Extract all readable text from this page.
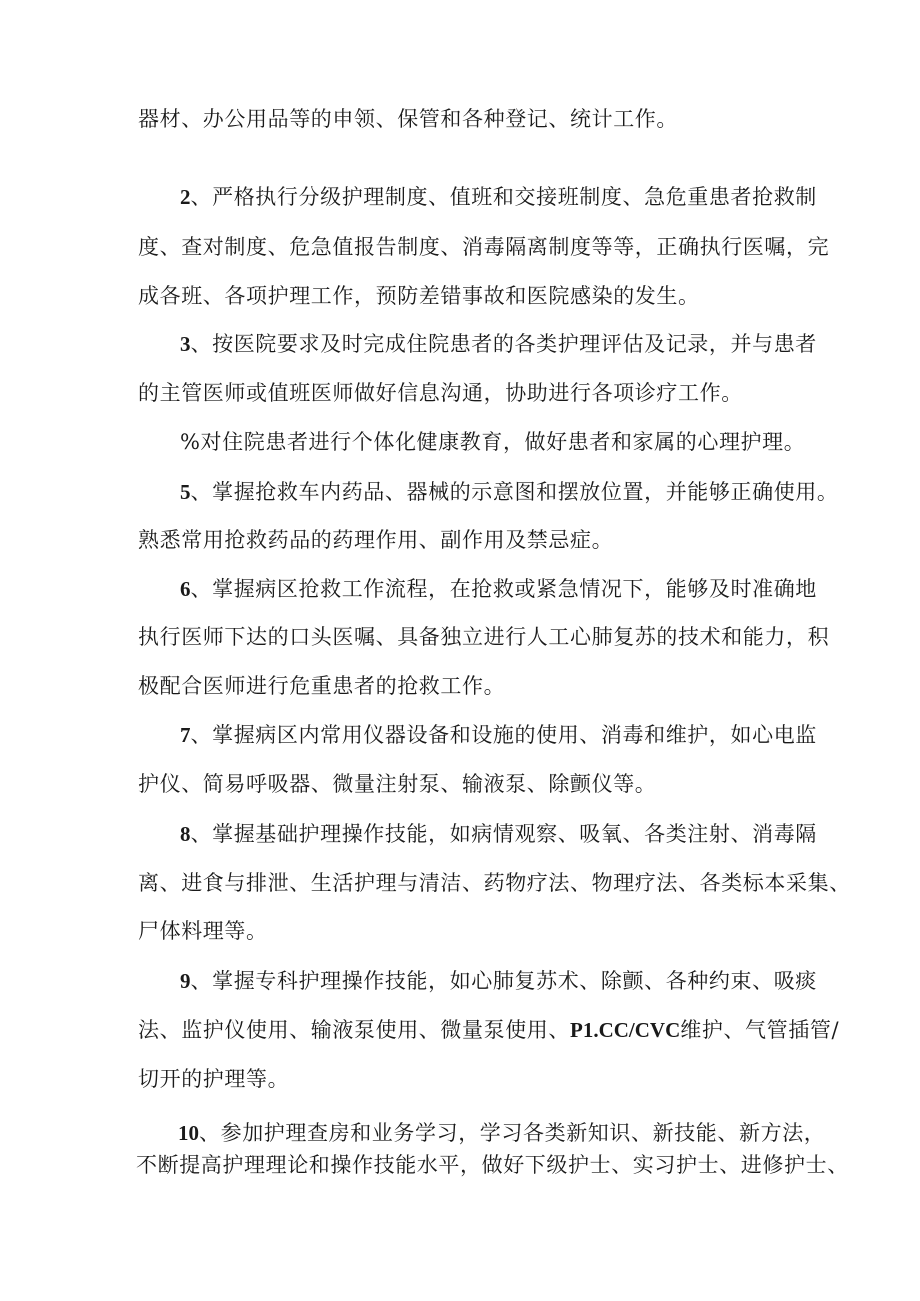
器材、办公用品等的申领、保管和各种登记、统计工作。
2、严格执行分级护理制度、值班和交接班制度、急危重患者抢救制
度、查对制度、危急值报告制度、消毒隔离制度等等，正确执行医嘱，完
成各班、各项护理工作，预防差错事故和医院感染的发生。
3、按医院要求及时完成住院患者的各类护理评估及记录，并与患者
的主管医师或值班医师做好信息沟通，协助进行各项诊疗工作。
%对住院患者进行个体化健康教育，做好患者和家属的心理护理。
5、掌握抢救车内药品、器械的示意图和摆放位置，并能够正确使用。
熟悉常用抢救药品的药理作用、副作用及禁忌症。
6、掌握病区抢救工作流程，在抢救或紧急情况下，能够及时准确地
执行医师下达的口头医嘱、具备独立进行人工心肺复苏的技术和能力，积
极配合医师进行危重患者的抢救工作。
7、掌握病区内常用仪器设备和设施的使用、消毒和维护，如心电监
护仪、简易呼吸器、微量注射泵、输液泵、除颤仪等。
8、掌握基础护理操作技能，如病情观察、吸氧、各类注射、消毒隔
离、进食与排泄、生活护理与清洁、药物疗法、物理疗法、各类标本采集、
尸体料理等。
9、掌握专科护理操作技能，如心肺复苏术、除颤、各种约束、吸痰
法、监护仪使用、输液泵使用、微量泵使用、P1.CC/CVC维护、气管插管/
切开的护理等。
10、参加护理查房和业务学习，学习各类新知识、新技能、新方法，
不断提高护理理论和操作技能水平，做好下级护士、实习护士、进修护士、
